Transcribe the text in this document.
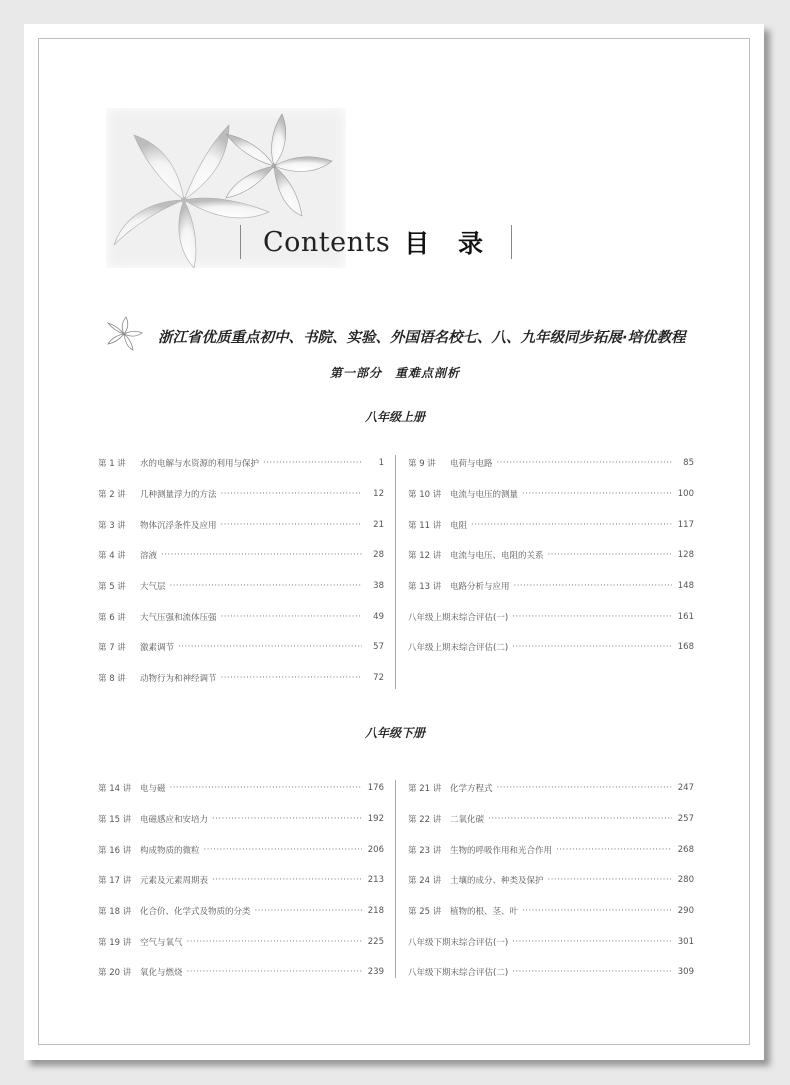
Contents 目 录
浙江省优质重点初中、书院、实验、外国语名校七、八、九年级同步拓展·培优教程
第一部分　重难点剖析
八年级上册
第 1 讲	水的电解与水资源的利用与保护 ·····	1
第 2 讲	几种测量浮力的方法 ·····	12
第 3 讲	物体沉浮条件及应用 ·····	21
第 4 讲	溶液 ·····	28
第 5 讲	大气层 ·····	38
第 6 讲	大气压强和流体压强 ·····	49
第 7 讲	激素调节 ·····	57
第 8 讲	动物行为和神经调节 ·····	72
第 9 讲	电荷与电路 ·····	85
第 10 讲	电流与电压的测量 ·····	100
第 11 讲	电阻 ·····	117
第 12 讲	电流与电压、电阻的关系 ·····	128
第 13 讲	电路分析与应用 ·····	148
八年级上期末综合评估(一) ·····	161
八年级上期末综合评估(二) ·····	168
八年级下册
第 14 讲	电与磁 ·····	176
第 15 讲	电磁感应和安培力 ·····	192
第 16 讲	构成物质的微粒 ·····	206
第 17 讲	元素及元素周期表 ·····	213
第 18 讲	化合价、化学式及物质的分类 ·····	218
第 19 讲	空气与氧气 ·····	225
第 20 讲	氧化与燃烧 ·····	239
第 21 讲	化学方程式 ·····	247
第 22 讲	二氧化碳 ·····	257
第 23 讲	生物的呼吸作用和光合作用 ·····	268
第 24 讲	土壤的成分、种类及保护 ·····	280
第 25 讲	植物的根、茎、叶 ·····	290
八年级下期末综合评估(一) ·····	301
八年级下期末综合评估(二) ·····	309
